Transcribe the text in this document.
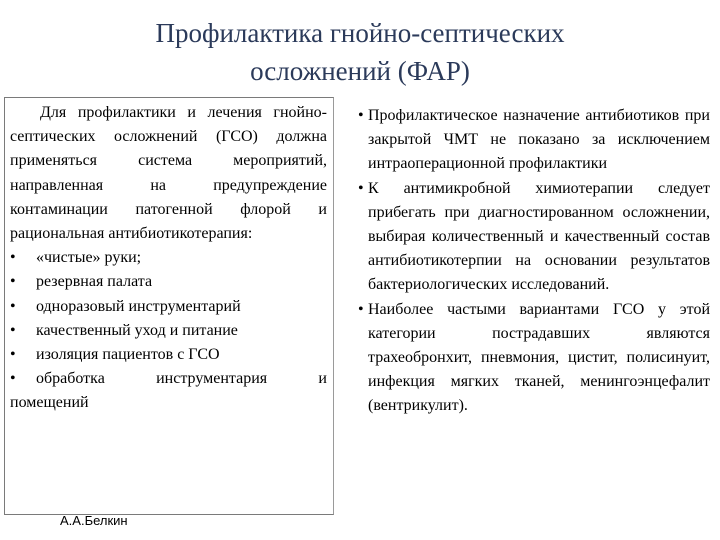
Профилактика гнойно-септических
осложнений (ФАР)

Для профилактики и лечения гнойно-септических осложнений (ГСО) должна применяться система мероприятий, направленная на предупреждение контаминации патогенной флорой и рациональная антибиотикотерапия:

• «чистые» руки;

• резервная палата

• одноразовый инструментарий

• качественный уход и питание

• изоляция пациентов с ГСО

• обработка инструментария и

помещений

А.А.Белкин

• Профилактическое назначение антибиотиков при закрытой ЧМТ не показано за исключением интраоперационной профилактики

• К антимикробной химиотерапии следует прибегать при диагностированном осложнении, выбирая количественный и качественный состав антибиотикотерпии на основании результатов бактериологических исследований.

• Наиболее частыми вариантами ГСО у этой категории пострадавших являются трахеобронхит, пневмония, цистит, полисинуит, инфекция мягких тканей, менингоэнцефалит (вентрикулит).
